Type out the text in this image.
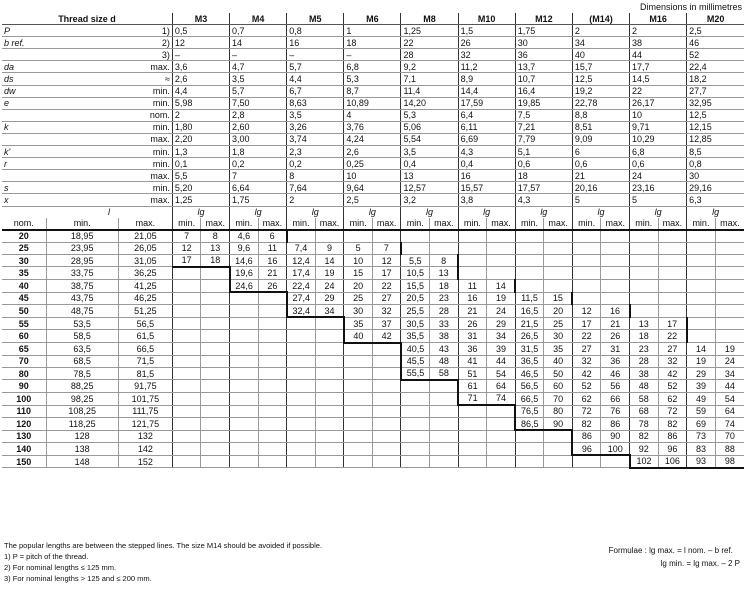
Dimensions in millimetres
Thread size d			M3		M4		M5		M6		M8		M10		M12		(M14)		M16		M20	
P		1)	0,5		0,7		0,8		1		1,25		1,5		1,75		2		2		2,5	
b ref.		2)	12		14		16		18		22		26		30		34		38		46	
		3)	–		–		–		–		28		32		36		40		44		52	
da		max.	3,6		4,7		5,7		6,8		9,2		11,2		13,7		15,7		17,7		22,4	
ds		≈	2,6		3,5		4,4		5,3		7,1		8,9		10,7		12,5		14,5		18,2	
dw		min.	4,4		5,7		6,7		8,7		11,4		14,4		16,4		19,2		22		27,7	
e		min.	5,98		7,50		8,63		10,89		14,20		17,59		19,85		22,78		26,17		32,95	
		nom.	2		2,8		3,5		4		5,3		6,4		7,5		8,8		10		12,5	
k		min.	1,80		2,60		3,26		3,76		5,06		6,11		7,21		8,51		9,71		12,15	
		max.	2,20		3,00		3,74		4,24		5,54		6,69		7,79		9,09		10,29		12,85	
k'		min.	1,3		1,8		2,3		2,6		3,5		4,3		5,1		6		6,8		8,5	
r		min.	0,1		0,2		0,2		0,25		0,4		0,4		0,6		0,6		0,6		0,8	
		max.	5,5		7		8		10		13		16		18		21		24		30	
s		min.	5,20		6,64		7,64		9,64		12,57		15,57		17,57		20,16		23,16		29,16	
x		max.	1,25		1,75		2		2,5		3,2		3,8		4,3		5		5		6,3	
	l		lg		lg		lg		lg		lg		lg		lg		lg		lg		lg	
nom.	min.	max.	min.	max.	min.	max.	min.	max.	min.	max.	min.	max.	min.	max.	min.	max.	min.	max.	min.	max.	min.	max.
20	18,95	21,05	7	8	4,6	6																
25	23,95	26,05	12	13	9,6	11	7,4	9	5	7												
30	28,95	31,05	17	18	14,6	16	12,4	14	10	12	5,5	8										
35	33,75	36,25			19,6	21	17,4	19	15	17	10,5	13										
40	38,75	41,25			24,6	26	22,4	24	20	22	15,5	18	11	14								
45	43,75	46,25					27,4	29	25	27	20,5	23	16	19	11,5	15						
50	48,75	51,25					32,4	34	30	32	25,5	28	21	24	16,5	20	12	16				
55	53,5	56,5							35	37	30,5	33	26	29	21,5	25	17	21	13	17		
60	58,5	61,5							40	42	35,5	38	31	34	26,5	30	22	26	18	22		
65	63,5	66,5									40,5	43	36	39	31,5	35	27	31	23	27	14	19
70	68,5	71,5									45,5	48	41	44	36,5	40	32	36	28	32	19	24
80	78,5	81,5									55,5	58	51	54	46,5	50	42	46	38	42	29	34
90	88,25	91,75											61	64	56,5	60	52	56	48	52	39	44
100	98,25	101,75											71	74	66,5	70	62	66	58	62	49	54
110	108,25	111,75													76,5	80	72	76	68	72	59	64
120	118,25	121,75													86,5	90	82	86	78	82	69	74
130	128	132															86	90	82	86	73	70
140	138	142															96	100	92	96	83	88
150	148	152																	102	106	93	98
The popular lengths are between the stepped lines. The size M14 should be avoided if possible.
1) P = pitch of the thread.
2) For nominal lengths ≤ 125 mm.
3) For nominal lengths > 125 and ≤ 200 mm.
Formulae : lg max. = l nom. – b ref.
lg min. = lg max. – 2 P
